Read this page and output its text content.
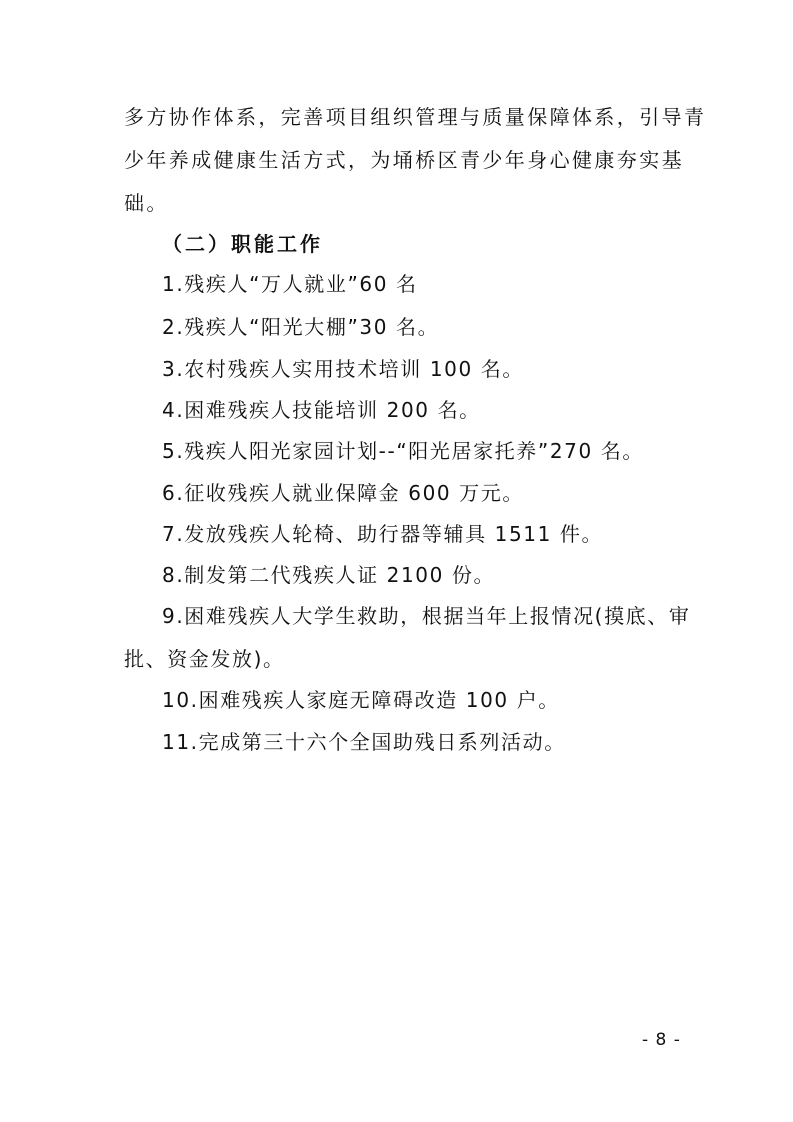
多方协作体系，完善项目组织管理与质量保障体系，引导青
少年养成健康生活方式，为埇桥区青少年身心健康夯实基
础。
（二）职能工作
1.残疾人“万人就业”60 名
2.残疾人“阳光大棚”30 名。
3.农村残疾人实用技术培训 100 名。
4.困难残疾人技能培训 200 名。
5.残疾人阳光家园计划--“阳光居家托养”270 名。
6.征收残疾人就业保障金 600 万元。
7.发放残疾人轮椅、助行器等辅具 1511 件。
8.制发第二代残疾人证 2100 份。
9.困难残疾人大学生救助，根据当年上报情况(摸底、审
批、资金发放)。
10.困难残疾人家庭无障碍改造 100 户。
11.完成第三十六个全国助残日系列活动。
- 8 -
